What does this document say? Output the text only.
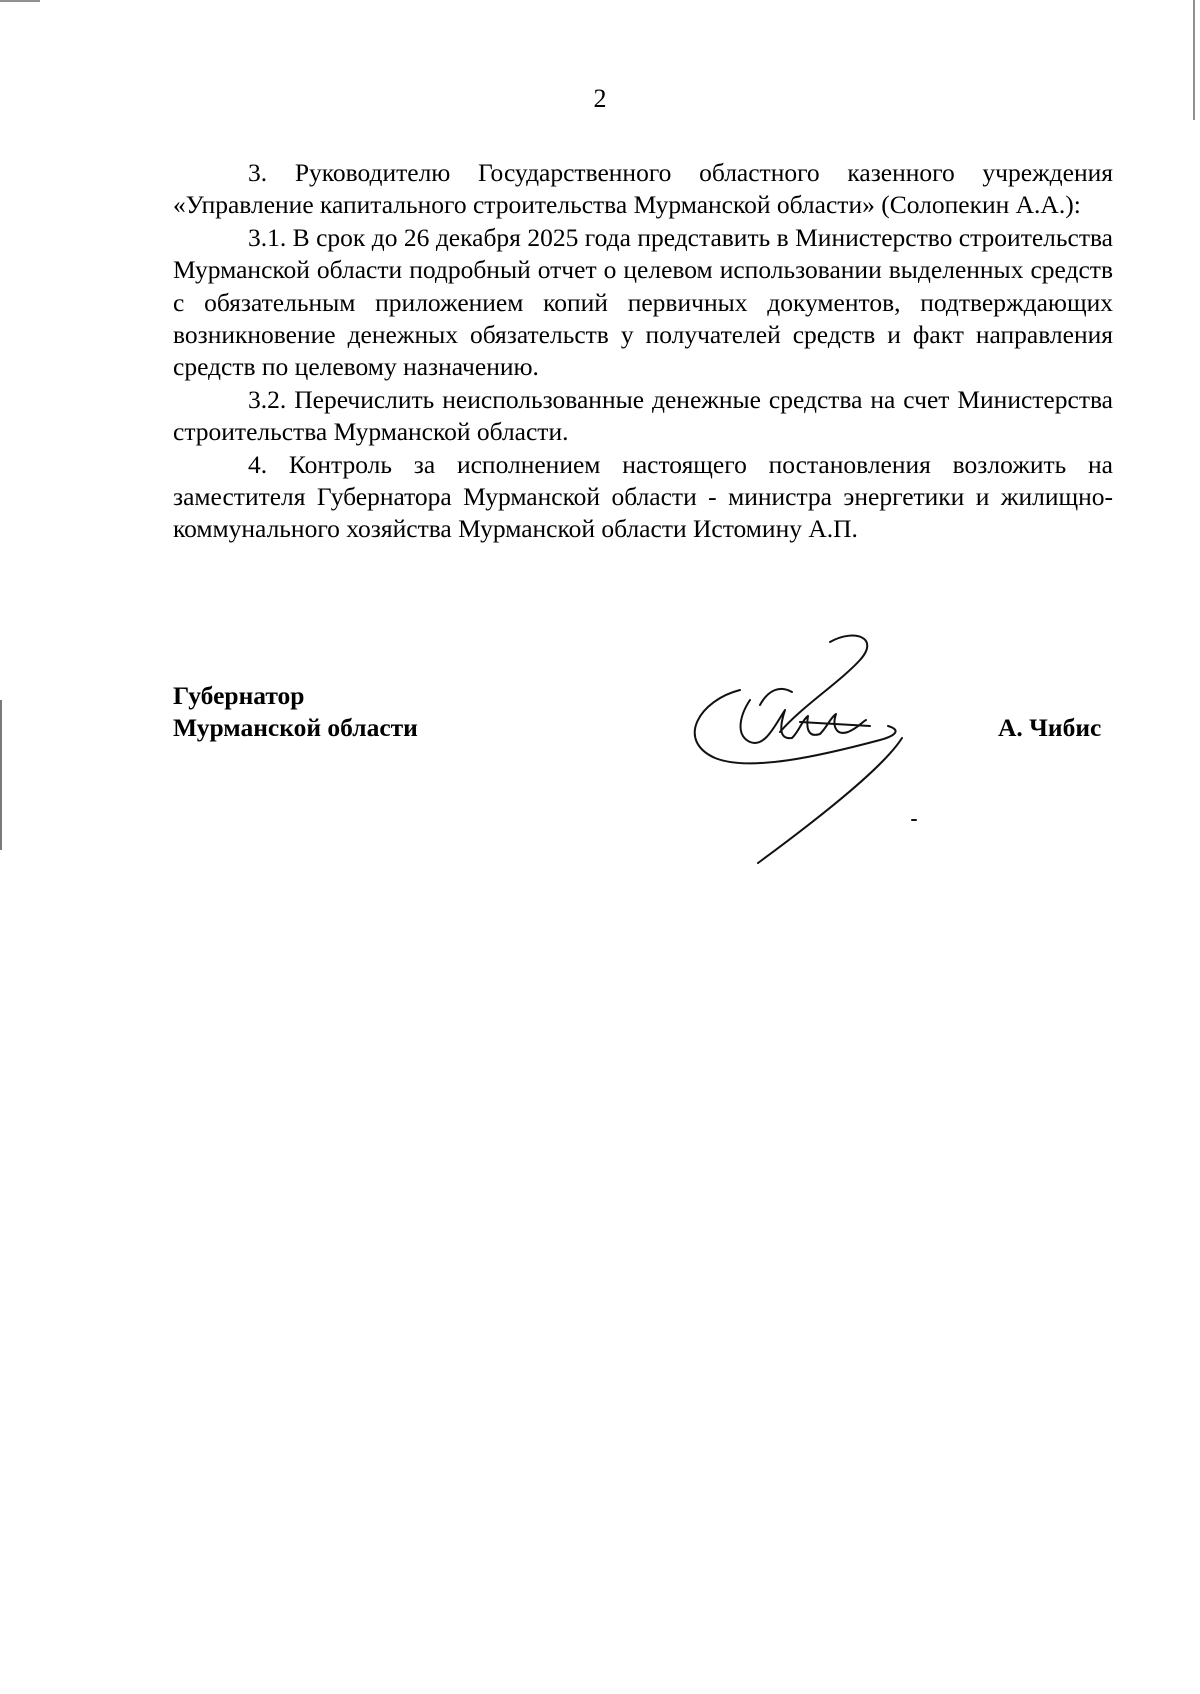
2

3. Руководителю Государственного областного казенного учреждения «Управление капитального строительства Мурманской области» (Солопекин А.А.):

3.1. В срок до 26 декабря 2025 года представить в Министерство строительства Мурманской области подробный отчет о целевом использовании выделенных средств с обязательным приложением копий первичных документов, подтверждающих возникновение денежных обязательств у получателей средств и факт направления средств по целевому назначению.

3.2. Перечислить неиспользованные денежные средства на счет Министерства строительства Мурманской области.

4. Контроль за исполнением настоящего постановления возложить на заместителя Губернатора Мурманской области - министра энергетики и жилищно-коммунального хозяйства Мурманской области Истомину А.П.

Губернатор
Мурманской области	А. Чибис
